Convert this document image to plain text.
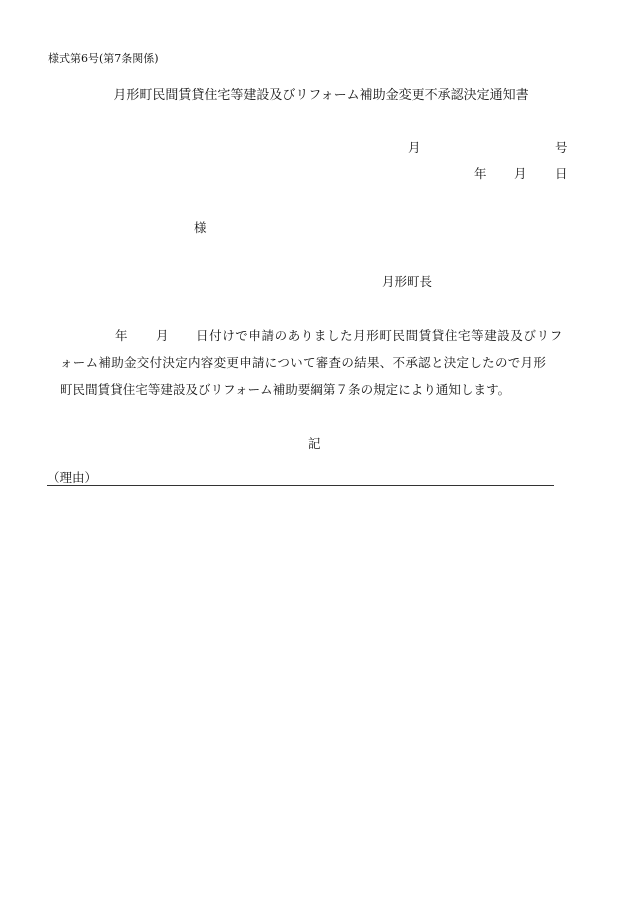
様式第6号(第7条関係)
月形町民間賃貸住宅等建設及びリフォーム補助金変更不承認決定通知書
月	号
年 月 日
様
月形町長
年 月 日付けで申請のありました月形町民間賃貸住宅等建設及びリフ
ォーム補助金交付決定内容変更申請について審査の結果、不承認と決定したので月形
町民間賃貸住宅等建設及びリフォーム補助要綱第７条の規定により通知します。
記
（理由）
